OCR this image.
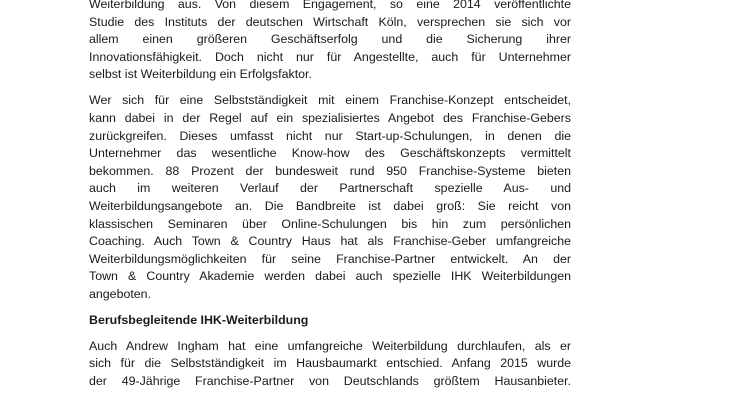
Weiterbildung aus. Von diesem Engagement, so eine 2014 veröffentlichte
Studie des Instituts der deutschen Wirtschaft Köln, versprechen sie sich vor
allem einen größeren Geschäftserfolg und die Sicherung ihrer
Innovationsfähigkeit. Doch nicht nur für Angestellte, auch für Unternehmer
selbst ist Weiterbildung ein Erfolgsfaktor.
Wer sich für eine Selbstständigkeit mit einem Franchise-Konzept entscheidet,
kann dabei in der Regel auf ein spezialisiertes Angebot des Franchise-Gebers
zurückgreifen. Dieses umfasst nicht nur Start-up-Schulungen, in denen die
Unternehmer das wesentliche Know-how des Geschäftskonzepts vermittelt
bekommen. 88 Prozent der bundesweit rund 950 Franchise-Systeme bieten
auch im weiteren Verlauf der Partnerschaft spezielle Aus- und
Weiterbildungsangebote an. Die Bandbreite ist dabei groß: Sie reicht von
klassischen Seminaren über Online-Schulungen bis hin zum persönlichen
Coaching. Auch Town & Country Haus hat als Franchise-Geber umfangreiche
Weiterbildungsmöglichkeiten für seine Franchise-Partner entwickelt. An der
Town & Country Akademie werden dabei auch spezielle IHK Weiterbildungen
angeboten.
Berufsbegleitende IHK-Weiterbildung
Auch Andrew Ingham hat eine umfangreiche Weiterbildung durchlaufen, als er
sich für die Selbstständigkeit im Hausbaumarkt entschied. Anfang 2015 wurde
der 49-Jährige Franchise-Partner von Deutschlands größtem Hausanbieter.
